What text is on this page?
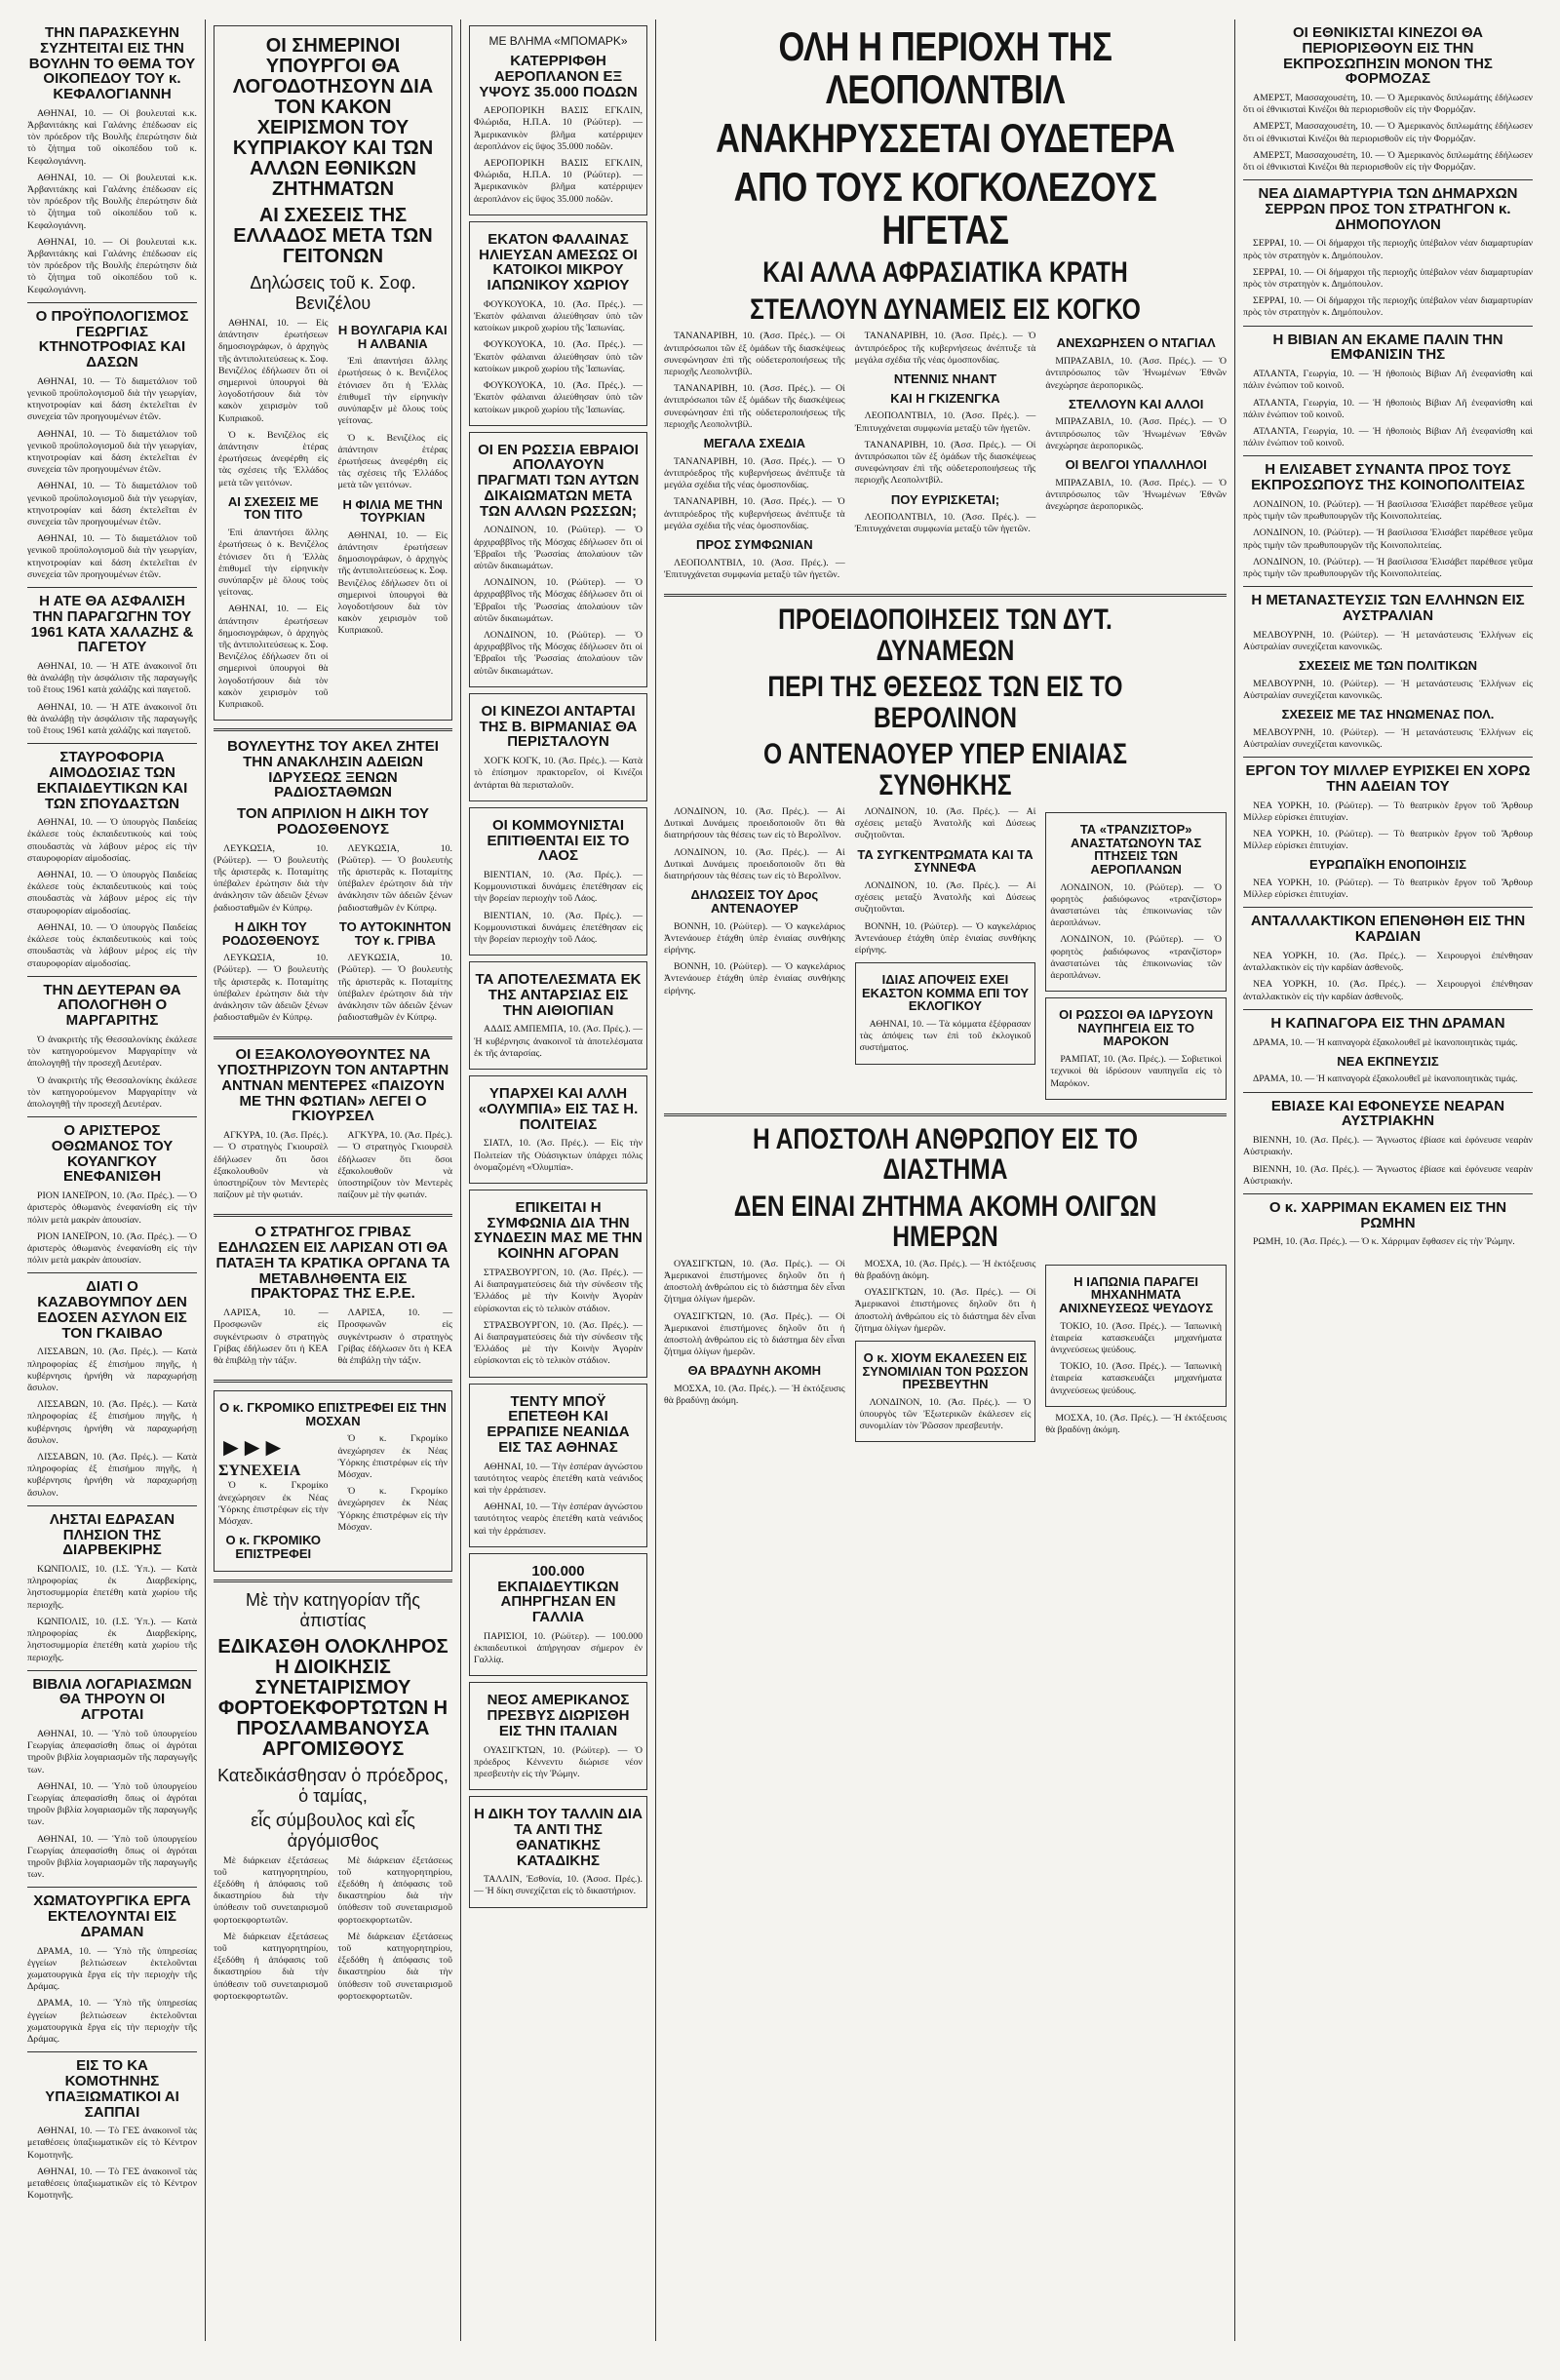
ΤΗΝ ΠΑΡΑΣΚΕΥΗΝ ΣΥΖΗΤΕΙΤΑΙ ΕΙΣ ΤΗΝ ΒΟΥΛΗΝ ΤΟ ΘΕΜΑ ΤΟΥ ΟΙΚΟΠΕΔΟΥ ΤΟΥ κ. ΚΕΦΑΛΟΓΙΑΝΝΗ

ΑΘΗΝΑΙ, 10. — Οἱ βουλευταὶ κ.κ. Ἀρβανιτάκης καὶ Γαλάνης ἐπέδωσαν εἰς τὸν πρόεδρον τῆς Βουλῆς ἐπερώτησιν διὰ τὸ ζήτημα τοῦ οἰκοπέδου τοῦ κ. Κεφαλογιάννη.

ΑΘΗΝΑΙ, 10. — Οἱ βουλευταὶ κ.κ. Ἀρβανιτάκης καὶ Γαλάνης ἐπέδωσαν εἰς τὸν πρόεδρον τῆς Βουλῆς ἐπερώτησιν διὰ τὸ ζήτημα τοῦ οἰκοπέδου τοῦ κ. Κεφαλογιάννη.

ΑΘΗΝΑΙ, 10. — Οἱ βουλευταὶ κ.κ. Ἀρβανιτάκης καὶ Γαλάνης ἐπέδωσαν εἰς τὸν πρόεδρον τῆς Βουλῆς ἐπερώτησιν διὰ τὸ ζήτημα τοῦ οἰκοπέδου τοῦ κ. Κεφαλογιάννη.

Ο ΠΡΟΫΠΟΛΟΓΙΣΜΟΣ ΓΕΩΡΓΙΑΣ ΚΤΗΝΟΤΡΟΦΙΑΣ ΚΑΙ ΔΑΣΩΝ

ΑΘΗΝΑΙ, 10. — Τὸ διαμετάλιον τοῦ γενικοῦ προϋπολογισμοῦ διὰ τὴν γεωργίαν, κτηνοτροφίαν καὶ δάση ἐκτελεῖται ἐν συνεχεία τῶν προηγουμένων ἐτῶν.

ΑΘΗΝΑΙ, 10. — Τὸ διαμετάλιον τοῦ γενικοῦ προϋπολογισμοῦ διὰ τὴν γεωργίαν, κτηνοτροφίαν καὶ δάση ἐκτελεῖται ἐν συνεχεία τῶν προηγουμένων ἐτῶν.

ΑΘΗΝΑΙ, 10. — Τὸ διαμετάλιον τοῦ γενικοῦ προϋπολογισμοῦ διὰ τὴν γεωργίαν, κτηνοτροφίαν καὶ δάση ἐκτελεῖται ἐν συνεχεία τῶν προηγουμένων ἐτῶν.

ΑΘΗΝΑΙ, 10. — Τὸ διαμετάλιον τοῦ γενικοῦ προϋπολογισμοῦ διὰ τὴν γεωργίαν, κτηνοτροφίαν καὶ δάση ἐκτελεῖται ἐν συνεχεία τῶν προηγουμένων ἐτῶν.

Η ΑΤΕ ΘΑ ΑΣΦΑΛΙΣΗ ΤΗΝ ΠΑΡΑΓΩΓΗΝ ΤΟΥ 1961 ΚΑΤΑ ΧΑΛΑΖΗΣ & ΠΑΓΕΤΟΥ

ΑΘΗΝΑΙ, 10. — Ἡ ΑΤΕ ἀνακοινοῖ ὅτι θὰ ἀναλάβῃ τὴν ἀσφάλισιν τῆς παραγωγῆς τοῦ ἔτους 1961 κατὰ χαλάζης καὶ παγετοῦ.

ΑΘΗΝΑΙ, 10. — Ἡ ΑΤΕ ἀνακοινοῖ ὅτι θὰ ἀναλάβῃ τὴν ἀσφάλισιν τῆς παραγωγῆς τοῦ ἔτους 1961 κατὰ χαλάζης καὶ παγετοῦ.

ΣΤΑΥΡΟΦΟΡΙΑ ΑΙΜΟΔΟΣΙΑΣ ΤΩΝ ΕΚΠΑΙΔΕΥΤΙΚΩΝ ΚΑΙ ΤΩΝ ΣΠΟΥΔΑΣΤΩΝ

ΑΘΗΝΑΙ, 10. — Ὁ ὑπουργὸς Παιδείας ἐκάλεσε τοὺς ἐκπαιδευτικοὺς καὶ τοὺς σπουδαστὰς νὰ λάβουν μέρος εἰς τὴν σταυροφορίαν αἱμοδοσίας.

ΑΘΗΝΑΙ, 10. — Ὁ ὑπουργὸς Παιδείας ἐκάλεσε τοὺς ἐκπαιδευτικοὺς καὶ τοὺς σπουδαστὰς νὰ λάβουν μέρος εἰς τὴν σταυροφορίαν αἱμοδοσίας.

ΑΘΗΝΑΙ, 10. — Ὁ ὑπουργὸς Παιδείας ἐκάλεσε τοὺς ἐκπαιδευτικοὺς καὶ τοὺς σπουδαστὰς νὰ λάβουν μέρος εἰς τὴν σταυροφορίαν αἱμοδοσίας.

ΤΗΝ ΔΕΥΤΕΡΑΝ ΘΑ ΑΠΟΛΟΓΗΘΗ Ο ΜΑΡΓΑΡΙΤΗΣ

Ὁ ἀνακριτὴς τῆς Θεσσαλονίκης ἐκάλεσε τὸν κατηγορούμενον Μαργαρίτην νὰ ἀπολογηθῇ τὴν προσεχῆ Δευτέραν.

Ὁ ἀνακριτὴς τῆς Θεσσαλονίκης ἐκάλεσε τὸν κατηγορούμενον Μαργαρίτην νὰ ἀπολογηθῇ τὴν προσεχῆ Δευτέραν.

Ο ΑΡΙΣΤΕΡΟΣ ΟΘΩΜΑΝΟΣ ΤΟΥ ΚΟΥΑΝΓΚΟΥ ΕΝΕΦΑΝΙΣΘΗ

ΡΙΟΝ ΙΑΝΕΪΡΟΝ, 10. (Ἀσ. Πρές.). — Ὁ ἀριστερὸς ὀθωμανὸς ἐνεφανίσθη εἰς τὴν πόλιν μετὰ μακρὰν ἀπουσίαν.

ΡΙΟΝ ΙΑΝΕΪΡΟΝ, 10. (Ἀσ. Πρές.). — Ὁ ἀριστερὸς ὀθωμανὸς ἐνεφανίσθη εἰς τὴν πόλιν μετὰ μακρὰν ἀπουσίαν.

ΔΙΑΤΙ Ο ΚΑΖΑΒΟΥΜΠΟΥ ΔΕΝ ΕΔΟΣΕΝ ΑΣΥΛΟΝ ΕΙΣ ΤΟΝ ΓΚΑΙΒΑΟ

ΛΙΣΣΑΒΩΝ, 10. (Ἀσ. Πρές.). — Κατὰ πληροφορίας ἐξ ἐπισήμου πηγῆς, ἡ κυβέρνησις ἠρνήθη νὰ παραχωρήσῃ ἄσυλον.

ΛΙΣΣΑΒΩΝ, 10. (Ἀσ. Πρές.). — Κατὰ πληροφορίας ἐξ ἐπισήμου πηγῆς, ἡ κυβέρνησις ἠρνήθη νὰ παραχωρήσῃ ἄσυλον.

ΛΙΣΣΑΒΩΝ, 10. (Ἀσ. Πρές.). — Κατὰ πληροφορίας ἐξ ἐπισήμου πηγῆς, ἡ κυβέρνησις ἠρνήθη νὰ παραχωρήσῃ ἄσυλον.

ΛΗΣΤΑΙ ΕΔΡΑΣΑΝ ΠΛΗΣΙΟΝ ΤΗΣ ΔΙΑΡΒΕΚΙΡΗΣ

ΚΩΝΠΟΛΙΣ, 10. (Ι.Σ. Ὑπ.). — Κατὰ πληροφορίας ἐκ Διαρβεκίρης, ληστοσυμμορία ἐπετέθη κατὰ χωρίου τῆς περιοχῆς.

ΚΩΝΠΟΛΙΣ, 10. (Ι.Σ. Ὑπ.). — Κατὰ πληροφορίας ἐκ Διαρβεκίρης, ληστοσυμμορία ἐπετέθη κατὰ χωρίου τῆς περιοχῆς.

ΒΙΒΛΙΑ ΛΟΓΑΡΙΑΣΜΩΝ ΘΑ ΤΗΡΟΥΝ ΟΙ ΑΓΡΟΤΑΙ

ΑΘΗΝΑΙ, 10. — Ὑπὸ τοῦ ὑπουργείου Γεωργίας ἀπεφασίσθη ὅπως οἱ ἀγρόται τηροῦν βιβλία λογαριασμῶν τῆς παραγωγῆς των.

ΑΘΗΝΑΙ, 10. — Ὑπὸ τοῦ ὑπουργείου Γεωργίας ἀπεφασίσθη ὅπως οἱ ἀγρόται τηροῦν βιβλία λογαριασμῶν τῆς παραγωγῆς των.

ΑΘΗΝΑΙ, 10. — Ὑπὸ τοῦ ὑπουργείου Γεωργίας ἀπεφασίσθη ὅπως οἱ ἀγρόται τηροῦν βιβλία λογαριασμῶν τῆς παραγωγῆς των.

ΧΩΜΑΤΟΥΡΓΙΚΑ ΕΡΓΑ ΕΚΤΕΛΟΥΝΤΑΙ ΕΙΣ ΔΡΑΜΑΝ

ΔΡΑΜΑ, 10. — Ὑπὸ τῆς ὑπηρεσίας ἐγγείων βελτιώσεων ἐκτελοῦνται χωματουργικὰ ἔργα εἰς τὴν περιοχὴν τῆς Δράμας.

ΔΡΑΜΑ, 10. — Ὑπὸ τῆς ὑπηρεσίας ἐγγείων βελτιώσεων ἐκτελοῦνται χωματουργικὰ ἔργα εἰς τὴν περιοχὴν τῆς Δράμας.

ΕΙΣ ΤΟ ΚΑ ΚΟΜΟΤΗΝΗΣ ΥΠΑΞΙΩΜΑΤΙΚΟΙ ΑΙ ΣΑΠΠΑΙ

ΑΘΗΝΑΙ, 10. — Τὸ ΓΕΣ ἀνακοινοῖ τὰς μεταθέσεις ὑπαξιωματικῶν εἰς τὸ Κέντρον Κομοτηνῆς.

ΑΘΗΝΑΙ, 10. — Τὸ ΓΕΣ ἀνακοινοῖ τὰς μεταθέσεις ὑπαξιωματικῶν εἰς τὸ Κέντρον Κομοτηνῆς.

ΟΙ ΣΗΜΕΡΙΝΟΙ ΥΠΟΥΡΓΟΙ ΘΑ ΛΟΓΟΔΟΤΗΣΟΥΝ ΔΙΑ ΤΟΝ ΚΑΚΟΝ ΧΕΙΡΙΣΜΟΝ ΤΟΥ ΚΥΠΡΙΑΚΟΥ ΚΑΙ ΤΩΝ ΑΛΛΩΝ ΕΘΝΙΚΩΝ ΖΗΤΗΜΑΤΩΝ
ΑΙ ΣΧΕΣΕΙΣ ΤΗΣ ΕΛΛΑΔΟΣ ΜΕΤΑ ΤΩΝ ΓΕΙΤΟΝΩΝ
Δηλώσεις τοῦ κ. Σοφ. Βενιζέλου

ΑΘΗΝΑΙ, 10. — Εἰς ἀπάντησιν ἐρωτήσεων δημοσιογράφων, ὁ ἀρχηγὸς τῆς ἀντιπολιτεύσεως κ. Σοφ. Βενιζέλος ἐδήλωσεν ὅτι οἱ σημερινοὶ ὑπουργοὶ θὰ λογοδοτήσουν διὰ τὸν κακὸν χειρισμὸν τοῦ Κυπριακοῦ.

Ὁ κ. Βενιζέλος εἰς ἀπάντησιν ἑτέρας ἐρωτήσεως ἀνεφέρθη εἰς τὰς σχέσεις τῆς Ἑλλάδος μετὰ τῶν γειτόνων.

ΑΙ ΣΧΕΣΕΙΣ ΜΕ ΤΟΝ ΤΙΤΟ

Ἐπὶ ἀπαντήσει ἄλλης ἐρωτήσεως ὁ κ. Βενιζέλος ἐτόνισεν ὅτι ἡ Ἑλλὰς ἐπιθυμεῖ τὴν εἰρηνικὴν συνύπαρξιν μὲ ὅλους τοὺς γείτονας.

ΑΘΗΝΑΙ, 10. — Εἰς ἀπάντησιν ἐρωτήσεων δημοσιογράφων, ὁ ἀρχηγὸς τῆς ἀντιπολιτεύσεως κ. Σοφ. Βενιζέλος ἐδήλωσεν ὅτι οἱ σημερινοὶ ὑπουργοὶ θὰ λογοδοτήσουν διὰ τὸν κακὸν χειρισμὸν τοῦ Κυπριακοῦ.

Η ΒΟΥΛΓΑΡΙΑ ΚΑΙ Η ΑΛΒΑΝΙΑ

Ἐπὶ ἀπαντήσει ἄλλης ἐρωτήσεως ὁ κ. Βενιζέλος ἐτόνισεν ὅτι ἡ Ἑλλὰς ἐπιθυμεῖ τὴν εἰρηνικὴν συνύπαρξιν μὲ ὅλους τοὺς γείτονας.

Ὁ κ. Βενιζέλος εἰς ἀπάντησιν ἑτέρας ἐρωτήσεως ἀνεφέρθη εἰς τὰς σχέσεις τῆς Ἑλλάδος μετὰ τῶν γειτόνων.

Η ΦΙΛΙΑ ΜΕ ΤΗΝ ΤΟΥΡΚΙΑΝ

ΑΘΗΝΑΙ, 10. — Εἰς ἀπάντησιν ἐρωτήσεων δημοσιογράφων, ὁ ἀρχηγὸς τῆς ἀντιπολιτεύσεως κ. Σοφ. Βενιζέλος ἐδήλωσεν ὅτι οἱ σημερινοὶ ὑπουργοὶ θὰ λογοδοτήσουν διὰ τὸν κακὸν χειρισμὸν τοῦ Κυπριακοῦ.

ΒΟΥΛΕΥΤΗΣ ΤΟΥ ΑΚΕΛ ΖΗΤΕΙ ΤΗΝ ΑΝΑΚΛΗΣΙΝ ΑΔΕΙΩΝ ΙΔΡΥΣΕΩΣ ΞΕΝΩΝ ΡΑΔΙΟΣΤΑΘΜΩΝ
ΤΟΝ ΑΠΡΙΛΙΟΝ Η ΔΙΚΗ ΤΟΥ ΡΟΔΟΣΘΕΝΟΥΣ

ΛΕΥΚΩΣΙΑ, 10. (Ρώϋτερ). — Ὁ βουλευτὴς τῆς ἀριστερᾶς κ. Ποταμίτης ὑπέβαλεν ἐρώτησιν διὰ τὴν ἀνάκλησιν τῶν ἀδειῶν ξένων ῥαδιοσταθμῶν ἐν Κύπρῳ.

Η ΔΙΚΗ ΤΟΥ ΡΟΔΟΣΘΕΝΟΥΣ

ΛΕΥΚΩΣΙΑ, 10. (Ρώϋτερ). — Ὁ βουλευτὴς τῆς ἀριστερᾶς κ. Ποταμίτης ὑπέβαλεν ἐρώτησιν διὰ τὴν ἀνάκλησιν τῶν ἀδειῶν ξένων ῥαδιοσταθμῶν ἐν Κύπρῳ.

ΛΕΥΚΩΣΙΑ, 10. (Ρώϋτερ). — Ὁ βουλευτὴς τῆς ἀριστερᾶς κ. Ποταμίτης ὑπέβαλεν ἐρώτησιν διὰ τὴν ἀνάκλησιν τῶν ἀδειῶν ξένων ῥαδιοσταθμῶν ἐν Κύπρῳ.

ΤΟ ΑΥΤΟΚΙΝΗΤΟΝ ΤΟΥ κ. ΓΡΙΒΑ

ΛΕΥΚΩΣΙΑ, 10. (Ρώϋτερ). — Ὁ βουλευτὴς τῆς ἀριστερᾶς κ. Ποταμίτης ὑπέβαλεν ἐρώτησιν διὰ τὴν ἀνάκλησιν τῶν ἀδειῶν ξένων ῥαδιοσταθμῶν ἐν Κύπρῳ.

ΟΙ ΕΞΑΚΟΛΟΥΘΟΥΝΤΕΣ ΝΑ ΥΠΟΣΤΗΡΙΖΟΥΝ ΤΟΝ ΑΝΤΑΡΤΗΝ ΑΝΤΝΑΝ ΜΕΝΤΕΡΕΣ «ΠΑΙΖΟΥΝ ΜΕ ΤΗΝ ΦΩΤΙΑΝ» ΛΕΓΕΙ Ο ΓΚΙΟΥΡΣΕΛ

ΑΓΚΥΡΑ, 10. (Ἀσ. Πρές.). — Ὁ στρατηγὸς Γκιουρσὲλ ἐδήλωσεν ὅτι ὅσοι ἐξακολουθοῦν νὰ ὑποστηρίζουν τὸν Μεντερὲς παίζουν μὲ τὴν φωτιάν.

ΑΓΚΥΡΑ, 10. (Ἀσ. Πρές.). — Ὁ στρατηγὸς Γκιουρσὲλ ἐδήλωσεν ὅτι ὅσοι ἐξακολουθοῦν νὰ ὑποστηρίζουν τὸν Μεντερὲς παίζουν μὲ τὴν φωτιάν.

Ο ΣΤΡΑΤΗΓΟΣ ΓΡΙΒΑΣ ΕΔΗΛΩΣΕΝ ΕΙΣ ΛΑΡΙΣΑΝ ΟΤΙ ΘΑ ΠΑΤΑΞΗ ΤΑ ΚΡΑΤΙΚΑ ΟΡΓΑΝΑ ΤΑ ΜΕΤΑΒΛΗΘΕΝΤΑ ΕΙΣ ΠΡΑΚΤΟΡΑΣ ΤΗΣ Ε.Ρ.Ε.

ΛΑΡΙΣΑ, 10. — Προσφωνῶν εἰς συγκέντρωσιν ὁ στρατηγὸς Γρίβας ἐδήλωσεν ὅτι ἡ ΚΕΑ θὰ ἐπιβάλῃ τὴν τάξιν.

ΛΑΡΙΣΑ, 10. — Προσφωνῶν εἰς συγκέντρωσιν ὁ στρατηγὸς Γρίβας ἐδήλωσεν ὅτι ἡ ΚΕΑ θὰ ἐπιβάλῃ τὴν τάξιν.

Ο κ. ΓΚΡΟΜΙΚΟ ΕΠΙΣΤΡΕΦΕΙ ΕΙΣ ΤΗΝ ΜΟΣΧΑΝ
►►► ΣΥΝΕΧΕΙΑ

Ὁ κ. Γκρομίκο ἀνεχώρησεν ἐκ Νέας Ὑόρκης ἐπιστρέφων εἰς τὴν Μόσχαν.

Ο κ. ΓΚΡΟΜΙΚΟ ΕΠΙΣΤΡΕΦΕΙ

Ὁ κ. Γκρομίκο ἀνεχώρησεν ἐκ Νέας Ὑόρκης ἐπιστρέφων εἰς τὴν Μόσχαν.

Ὁ κ. Γκρομίκο ἀνεχώρησεν ἐκ Νέας Ὑόρκης ἐπιστρέφων εἰς τὴν Μόσχαν.

Μὲ τὴν κατηγορίαν τῆς ἀπιστίας
ΕΔΙΚΑΣΘΗ ΟΛΟΚΛΗΡΟΣ Η ΔΙΟΙΚΗΣΙΣ ΣΥΝΕΤΑΙΡΙΣΜΟΥ ΦΟΡΤΟΕΚΦΟΡΤΩΤΩΝ Η ΠΡΟΣΛΑΜΒΑΝΟΥΣΑ ΑΡΓΟΜΙΣΘΟΥΣ
Κατεδικάσθησαν ὁ πρόεδρος, ὁ ταμίας,
εἷς σύμβουλος καὶ εἷς ἀργόμισθος

Μὲ διάρκειαν ἐξετάσεως τοῦ κατηγορητηρίου, ἐξεδόθη ἡ ἀπόφασις τοῦ δικαστηρίου διὰ τὴν ὑπόθεσιν τοῦ συνεταιρισμοῦ φορτοεκφορτωτῶν.

Μὲ διάρκειαν ἐξετάσεως τοῦ κατηγορητηρίου, ἐξεδόθη ἡ ἀπόφασις τοῦ δικαστηρίου διὰ τὴν ὑπόθεσιν τοῦ συνεταιρισμοῦ φορτοεκφορτωτῶν.

Μὲ διάρκειαν ἐξετάσεως τοῦ κατηγορητηρίου, ἐξεδόθη ἡ ἀπόφασις τοῦ δικαστηρίου διὰ τὴν ὑπόθεσιν τοῦ συνεταιρισμοῦ φορτοεκφορτωτῶν.

Μὲ διάρκειαν ἐξετάσεως τοῦ κατηγορητηρίου, ἐξεδόθη ἡ ἀπόφασις τοῦ δικαστηρίου διὰ τὴν ὑπόθεσιν τοῦ συνεταιρισμοῦ φορτοεκφορτωτῶν.

ΜΕ ΒΛΗΜΑ «ΜΠΟΜΑΡΚ»
ΚΑΤΕΡΡΙΦΘΗ ΑΕΡΟΠΛΑΝΟΝ ΕΞ ΥΨΟΥΣ 35.000 ΠΟΔΩΝ

ΑΕΡΟΠΟΡΙΚΗ ΒΑΣΙΣ ΕΓΚΛΙΝ, Φλώριδα, Η.Π.Α. 10 (Ρώϋτερ). — Ἀμερικανικὸν βλῆμα κατέρριψεν ἀεροπλάνον εἰς ὕψος 35.000 ποδῶν.

ΑΕΡΟΠΟΡΙΚΗ ΒΑΣΙΣ ΕΓΚΛΙΝ, Φλώριδα, Η.Π.Α. 10 (Ρώϋτερ). — Ἀμερικανικὸν βλῆμα κατέρριψεν ἀεροπλάνον εἰς ὕψος 35.000 ποδῶν.

ΕΚΑΤΟΝ ΦΑΛΑΙΝΑΣ ΗΛΙΕΥΣΑΝ ΑΜΕΣΩΣ ΟΙ ΚΑΤΟΙΚΟΙ ΜΙΚΡΟΥ ΙΑΠΩΝΙΚΟΥ ΧΩΡΙΟΥ

ΦΟΥΚΟΥΟΚΑ, 10. (Ἀσ. Πρές.). — Ἑκατὸν φάλαιναι ἀλιεύθησαν ὑπὸ τῶν κατοίκων μικροῦ χωρίου τῆς Ἰαπωνίας.

ΦΟΥΚΟΥΟΚΑ, 10. (Ἀσ. Πρές.). — Ἑκατὸν φάλαιναι ἀλιεύθησαν ὑπὸ τῶν κατοίκων μικροῦ χωρίου τῆς Ἰαπωνίας.

ΦΟΥΚΟΥΟΚΑ, 10. (Ἀσ. Πρές.). — Ἑκατὸν φάλαιναι ἀλιεύθησαν ὑπὸ τῶν κατοίκων μικροῦ χωρίου τῆς Ἰαπωνίας.

ΟΙ ΕΝ ΡΩΣΣΙΑ ΕΒΡΑΙΟΙ ΑΠΟΛΑΥΟΥΝ ΠΡΑΓΜΑΤΙ ΤΩΝ ΑΥΤΩΝ ΔΙΚΑΙΩΜΑΤΩΝ ΜΕΤΑ ΤΩΝ ΑΛΛΩΝ ΡΩΣΣΩΝ;

ΛΟΝΔΙΝΟΝ, 10. (Ρώϋτερ). — Ὁ ἀρχιραββῖνος τῆς Μόσχας ἐδήλωσεν ὅτι οἱ Ἑβραῖοι τῆς Ῥωσσίας ἀπολαύουν τῶν αὐτῶν δικαιωμάτων.

ΛΟΝΔΙΝΟΝ, 10. (Ρώϋτερ). — Ὁ ἀρχιραββῖνος τῆς Μόσχας ἐδήλωσεν ὅτι οἱ Ἑβραῖοι τῆς Ῥωσσίας ἀπολαύουν τῶν αὐτῶν δικαιωμάτων.

ΛΟΝΔΙΝΟΝ, 10. (Ρώϋτερ). — Ὁ ἀρχιραββῖνος τῆς Μόσχας ἐδήλωσεν ὅτι οἱ Ἑβραῖοι τῆς Ῥωσσίας ἀπολαύουν τῶν αὐτῶν δικαιωμάτων.

ΟΙ ΚΙΝΕΖΟΙ ΑΝΤΑΡΤΑΙ ΤΗΣ Β. ΒΙΡΜΑΝΙΑΣ ΘΑ ΠΕΡΙΣΤΑΛΟΥΝ

ΧΟΓΚ ΚΟΓΚ, 10. (Ἀσ. Πρές.). — Κατὰ τὸ ἐπίσημον πρακτορεῖον, οἱ Κινέζοι ἀντάρται θὰ περισταλοῦν.

ΟΙ ΚΟΜΜΟΥΝΙΣΤΑΙ ΕΠΙΤΙΘΕΝΤΑΙ ΕΙΣ ΤΟ ΛΑΟΣ

ΒΙΕΝΤΙΑΝ, 10. (Ἀσ. Πρές.). — Κομμουνιστικαὶ δυνάμεις ἐπετέθησαν εἰς τὴν βορείαν περιοχὴν τοῦ Λάος.

ΒΙΕΝΤΙΑΝ, 10. (Ἀσ. Πρές.). — Κομμουνιστικαὶ δυνάμεις ἐπετέθησαν εἰς τὴν βορείαν περιοχὴν τοῦ Λάος.

ΤΑ ΑΠΟΤΕΛΕΣΜΑΤΑ ΕΚ ΤΗΣ ΑΝΤΑΡΣΙΑΣ ΕΙΣ ΤΗΝ ΑΙΘΙΟΠΙΑΝ

ΑΔΔΙΣ ΑΜΠΕΜΠΑ, 10. (Ἀσ. Πρές.). — Ἡ κυβέρνησις ἀνακοινοῖ τὰ ἀποτελέσματα ἐκ τῆς ἀνταρσίας.

ΥΠΑΡΧΕΙ ΚΑΙ ΑΛΛΗ «ΟΛΥΜΠΙΑ» ΕΙΣ ΤΑΣ Η. ΠΟΛΙΤΕΙΑΣ

ΣΙΑΤΛ, 10. (Ἀσ. Πρές.). — Εἰς τὴν Πολιτείαν τῆς Οὐάσιγκτων ὑπάρχει πόλις ὀνομαζομένη «Ὀλυμπία».

ΕΠΙΚΕΙΤΑΙ Η ΣΥΜΦΩΝΙΑ ΔΙΑ ΤΗΝ ΣΥΝΔΕΣΙΝ ΜΑΣ ΜΕ ΤΗΝ ΚΟΙΝΗΝ ΑΓΟΡΑΝ

ΣΤΡΑΣΒΟΥΡΓΟΝ, 10. (Ἀσ. Πρές.). — Αἱ διαπραγματεύσεις διὰ τὴν σύνδεσιν τῆς Ἑλλάδος μὲ τὴν Κοινὴν Ἀγορὰν εὑρίσκονται εἰς τὸ τελικὸν στάδιον.

ΣΤΡΑΣΒΟΥΡΓΟΝ, 10. (Ἀσ. Πρές.). — Αἱ διαπραγματεύσεις διὰ τὴν σύνδεσιν τῆς Ἑλλάδος μὲ τὴν Κοινὴν Ἀγορὰν εὑρίσκονται εἰς τὸ τελικὸν στάδιον.

ΤΕΝΤΥ ΜΠΟΫ ΕΠΕΤΕΘΗ ΚΑΙ ΕΡΡΑΠΙΣΕ ΝΕΑΝΙΔΑ ΕΙΣ ΤΑΣ ΑΘΗΝΑΣ

ΑΘΗΝΑΙ, 10. — Τὴν ἑσπέραν ἀγνώστου ταυτότητος νεαρὸς ἐπετέθη κατὰ νεάνιδος καὶ τὴν ἐρράπισεν.

ΑΘΗΝΑΙ, 10. — Τὴν ἑσπέραν ἀγνώστου ταυτότητος νεαρὸς ἐπετέθη κατὰ νεάνιδος καὶ τὴν ἐρράπισεν.

100.000 ΕΚΠΑΙΔΕΥΤΙΚΩΝ ΑΠΗΡΓΗΣΑΝ ΕΝ ΓΑΛΛΙΑ

ΠΑΡΙΣΙΟΙ, 10. (Ρώϋτερ). — 100.000 ἐκπαιδευτικοὶ ἀπήργησαν σήμερον ἐν Γαλλίᾳ.

ΝΕΟΣ ΑΜΕΡΙΚΑΝΟΣ ΠΡΕΣΒΥΣ ΔΙΩΡΙΣΘΗ ΕΙΣ ΤΗΝ ΙΤΑΛΙΑΝ

ΟΥΑΣΙΓΚΤΩΝ, 10. (Ρώϋτερ). — Ὁ πρόεδρος Κέννεντυ διώρισε νέον πρεσβευτὴν εἰς τὴν Ῥώμην.

Η ΔΙΚΗ ΤΟΥ ΤΑΛΛΙΝ ΔΙΑ ΤΑ ΑΝΤΙ ΤΗΣ ΘΑΝΑΤΙΚΗΣ ΚΑΤΑΔΙΚΗΣ

ΤΑΛΛΙΝ, Ἐσθονία, 10. (Ἀσοσ. Πρές.). — Ἡ δίκη συνεχίζεται εἰς τὸ δικαστήριον.

ΟΛΗ Η ΠΕΡΙΟΧΗ ΤΗΣ ΛΕΟΠΟΛΝΤΒΙΛ
ΑΝΑΚΗΡΥΣΣΕΤΑΙ ΟΥΔΕΤΕΡΑ
ΑΠΟ ΤΟΥΣ ΚΟΓΚΟΛΕΖΟΥΣ ΗΓΕΤΑΣ
ΚΑΙ ΑΛΛΑ ΑΦΡΑΣΙΑΤΙΚΑ ΚΡΑΤΗ
ΣΤΕΛΛΟΥΝ ΔΥΝΑΜΕΙΣ ΕΙΣ ΚΟΓΚΟ

ΤΑΝΑΝΑΡΙΒΗ, 10. (Ἀσσ. Πρές.). — Οἱ ἀντιπρόσωποι τῶν ἐξ ὁμάδων τῆς διασκέψεως συνεφώνησαν ἐπὶ τῆς οὐδετεροποιήσεως τῆς περιοχῆς Λεοπολντβίλ.

ΤΑΝΑΝΑΡΙΒΗ, 10. (Ἀσσ. Πρές.). — Οἱ ἀντιπρόσωποι τῶν ἐξ ὁμάδων τῆς διασκέψεως συνεφώνησαν ἐπὶ τῆς οὐδετεροποιήσεως τῆς περιοχῆς Λεοπολντβίλ.

ΜΕΓΑΛΑ ΣΧΕΔΙΑ

ΤΑΝΑΝΑΡΙΒΗ, 10. (Ἀσσ. Πρές.). — Ὁ ἀντιπρόεδρος τῆς κυβερνήσεως ἀνέπτυξε τὰ μεγάλα σχέδια τῆς νέας ὁμοσπονδίας.

ΤΑΝΑΝΑΡΙΒΗ, 10. (Ἀσσ. Πρές.). — Ὁ ἀντιπρόεδρος τῆς κυβερνήσεως ἀνέπτυξε τὰ μεγάλα σχέδια τῆς νέας ὁμοσπονδίας.

ΠΡΟΣ ΣΥΜΦΩΝΙΑΝ

ΛΕΟΠΟΛΝΤΒΙΛ, 10. (Ἀσσ. Πρές.). — Ἐπιτυγχάνεται συμφωνία μεταξὺ τῶν ἡγετῶν.

ΤΑΝΑΝΑΡΙΒΗ, 10. (Ἀσσ. Πρές.). — Ὁ ἀντιπρόεδρος τῆς κυβερνήσεως ἀνέπτυξε τὰ μεγάλα σχέδια τῆς νέας ὁμοσπονδίας.

ΝΤΕΝΝΙΣ ΝΗΑΝΤ
ΚΑΙ Η ΓΚΙΖΕΝΓΚΑ

ΛΕΟΠΟΛΝΤΒΙΛ, 10. (Ἀσσ. Πρές.). — Ἐπιτυγχάνεται συμφωνία μεταξὺ τῶν ἡγετῶν.

ΤΑΝΑΝΑΡΙΒΗ, 10. (Ἀσσ. Πρές.). — Οἱ ἀντιπρόσωποι τῶν ἐξ ὁμάδων τῆς διασκέψεως συνεφώνησαν ἐπὶ τῆς οὐδετεροποιήσεως τῆς περιοχῆς Λεοπολντβίλ.

ΠΟΥ ΕΥΡΙΣΚΕΤΑΙ;

ΛΕΟΠΟΛΝΤΒΙΛ, 10. (Ἀσσ. Πρές.). — Ἐπιτυγχάνεται συμφωνία μεταξὺ τῶν ἡγετῶν.

ΑΝΕΧΩΡΗΣΕΝ Ο ΝΤΑΓΙΑΛ

ΜΠΡΑΖΑΒΙΛ, 10. (Ἀσσ. Πρές.). — Ὁ ἀντιπρόσωπος τῶν Ἡνωμένων Ἐθνῶν ἀνεχώρησε ἀεροπορικῶς.

ΣΤΕΛΛΟΥΝ ΚΑΙ ΑΛΛΟΙ

ΜΠΡΑΖΑΒΙΛ, 10. (Ἀσσ. Πρές.). — Ὁ ἀντιπρόσωπος τῶν Ἡνωμένων Ἐθνῶν ἀνεχώρησε ἀεροπορικῶς.

ΟΙ ΒΕΛΓΟΙ ΥΠΑΛΛΗΛΟΙ

ΜΠΡΑΖΑΒΙΛ, 10. (Ἀσσ. Πρές.). — Ὁ ἀντιπρόσωπος τῶν Ἡνωμένων Ἐθνῶν ἀνεχώρησε ἀεροπορικῶς.

ΠΡΟΕΙΔΟΠΟΙΗΣΕΙΣ ΤΩΝ ΔΥΤ. ΔΥΝΑΜΕΩΝ
ΠΕΡΙ ΤΗΣ ΘΕΣΕΩΣ ΤΩΝ ΕΙΣ ΤΟ ΒΕΡΟΛΙΝΟΝ
Ο ΑΝΤΕΝΑΟΥΕΡ ΥΠΕΡ ΕΝΙΑΙΑΣ ΣΥΝΘΗΚΗΣ

ΛΟΝΔΙΝΟΝ, 10. (Ἀσ. Πρές.). — Αἱ Δυτικαὶ Δυνάμεις προειδοποιοῦν ὅτι θὰ διατηρήσουν τὰς θέσεις των εἰς τὸ Βερολῖνον.

ΛΟΝΔΙΝΟΝ, 10. (Ἀσ. Πρές.). — Αἱ Δυτικαὶ Δυνάμεις προειδοποιοῦν ὅτι θὰ διατηρήσουν τὰς θέσεις των εἰς τὸ Βερολῖνον.

ΔΗΛΩΣΕΙΣ ΤΟΥ Δρος ΑΝΤΕΝΑΟΥΕΡ

ΒΟΝΝΗ, 10. (Ρώϋτερ). — Ὁ καγκελάριος Ἀντενάουερ ἐτάχθη ὑπὲρ ἑνιαίας συνθήκης εἰρήνης.

ΒΟΝΝΗ, 10. (Ρώϋτερ). — Ὁ καγκελάριος Ἀντενάουερ ἐτάχθη ὑπὲρ ἑνιαίας συνθήκης εἰρήνης.

ΛΟΝΔΙΝΟΝ, 10. (Ἀσ. Πρές.). — Αἱ σχέσεις μεταξὺ Ἀνατολῆς καὶ Δύσεως συζητοῦνται.

ΤΑ ΣΥΓΚΕΝΤΡΩΜΑΤΑ ΚΑΙ ΤΑ ΣΥΝΝΕΦΑ

ΛΟΝΔΙΝΟΝ, 10. (Ἀσ. Πρές.). — Αἱ σχέσεις μεταξὺ Ἀνατολῆς καὶ Δύσεως συζητοῦνται.

ΒΟΝΝΗ, 10. (Ρώϋτερ). — Ὁ καγκελάριος Ἀντενάουερ ἐτάχθη ὑπὲρ ἑνιαίας συνθήκης εἰρήνης.

ΙΔΙΑΣ ΑΠΟΨΕΙΣ ΕΧΕΙ ΕΚΑΣΤΟΝ ΚΟΜΜΑ ΕΠΙ ΤΟΥ ΕΚΛΟΓΙΚΟΥ

ΑΘΗΝΑΙ, 10. — Τὰ κόμματα ἐξέφρασαν τὰς ἀπόψεις των ἐπὶ τοῦ ἐκλογικοῦ συστήματος.

ΤΑ «ΤΡΑΝΖΙΣΤΟΡ» ΑΝΑΣΤΑΤΩΝΟΥΝ ΤΑΣ ΠΤΗΣΕΙΣ ΤΩΝ ΑΕΡΟΠΛΑΝΩΝ

ΛΟΝΔΙΝΟΝ, 10. (Ρώϋτερ). — Ὁ φορητὸς ῥαδιόφωνος «τρανζίστορ» ἀναστατώνει τὰς ἐπικοινωνίας τῶν ἀεροπλάνων.

ΛΟΝΔΙΝΟΝ, 10. (Ρώϋτερ). — Ὁ φορητὸς ῥαδιόφωνος «τρανζίστορ» ἀναστατώνει τὰς ἐπικοινωνίας τῶν ἀεροπλάνων.

ΟΙ ΡΩΣΣΟΙ ΘΑ ΙΔΡΥΣΟΥΝ ΝΑΥΠΗΓΕΙΑ ΕΙΣ ΤΟ ΜΑΡΟΚΟΝ

ΡΑΜΠΑΤ, 10. (Ἀσ. Πρές.). — Σοβιετικοὶ τεχνικοὶ θὰ ἱδρύσουν ναυπηγεῖα εἰς τὸ Μαρόκον.

Η ΑΠΟΣΤΟΛΗ ΑΝΘΡΩΠΟΥ ΕΙΣ ΤΟ ΔΙΑΣΤΗΜΑ
ΔΕΝ ΕΙΝΑΙ ΖΗΤΗΜΑ ΑΚΟΜΗ ΟΛΙΓΩΝ ΗΜΕΡΩΝ

ΟΥΑΣΙΓΚΤΩΝ, 10. (Ἀσ. Πρές.). — Οἱ Ἀμερικανοὶ ἐπιστήμονες δηλοῦν ὅτι ἡ ἀποστολὴ ἀνθρώπου εἰς τὸ διάστημα δὲν εἶναι ζήτημα ὀλίγων ἡμερῶν.

ΟΥΑΣΙΓΚΤΩΝ, 10. (Ἀσ. Πρές.). — Οἱ Ἀμερικανοὶ ἐπιστήμονες δηλοῦν ὅτι ἡ ἀποστολὴ ἀνθρώπου εἰς τὸ διάστημα δὲν εἶναι ζήτημα ὀλίγων ἡμερῶν.

ΘΑ ΒΡΑΔΥΝΗ ΑΚΟΜΗ

ΜΟΣΧΑ, 10. (Ἀσ. Πρές.). — Ἡ ἐκτόξευσις θὰ βραδύνῃ ἀκόμη.

ΜΟΣΧΑ, 10. (Ἀσ. Πρές.). — Ἡ ἐκτόξευσις θὰ βραδύνῃ ἀκόμη.

ΟΥΑΣΙΓΚΤΩΝ, 10. (Ἀσ. Πρές.). — Οἱ Ἀμερικανοὶ ἐπιστήμονες δηλοῦν ὅτι ἡ ἀποστολὴ ἀνθρώπου εἰς τὸ διάστημα δὲν εἶναι ζήτημα ὀλίγων ἡμερῶν.

Ο κ. ΧΙΟΥΜ ΕΚΑΛΕΣΕΝ ΕΙΣ ΣΥΝΟΜΙΛΙΑΝ ΤΟΝ ΡΩΣΣΟΝ ΠΡΕΣΒΕΥΤΗΝ

ΛΟΝΔΙΝΟΝ, 10. (Ἀσ. Πρές.). — Ὁ ὑπουργὸς τῶν Ἐξωτερικῶν ἐκάλεσεν εἰς συνομιλίαν τὸν Ῥῶσσον πρεσβευτήν.

Η ΙΑΠΩΝΙΑ ΠΑΡΑΓΕΙ ΜΗΧΑΝΗΜΑΤΑ ΑΝΙΧΝΕΥΣΕΩΣ ΨΕΥΔΟΥΣ

ΤΟΚΙΟ, 10. (Ἀσσ. Πρές.). — Ἰαπωνικὴ ἑταιρεία κατασκευάζει μηχανήματα ἀνιχνεύσεως ψεύδους.

ΤΟΚΙΟ, 10. (Ἀσσ. Πρές.). — Ἰαπωνικὴ ἑταιρεία κατασκευάζει μηχανήματα ἀνιχνεύσεως ψεύδους.

ΜΟΣΧΑ, 10. (Ἀσ. Πρές.). — Ἡ ἐκτόξευσις θὰ βραδύνῃ ἀκόμη.

ΟΙ ΕΘΝΙΚΙΣΤΑΙ ΚΙΝΕΖΟΙ ΘΑ ΠΕΡΙΟΡΙΣΘΟΥΝ ΕΙΣ ΤΗΝ ΕΚΠΡΟΣΩΠΗΣΙΝ ΜΟΝΟΝ ΤΗΣ ΦΟΡΜΟΖΑΣ

ΑΜΕΡΣΤ, Μασσαχουσέτη, 10. — Ὁ Ἀμερικανὸς διπλωμάτης ἐδήλωσεν ὅτι οἱ ἐθνικισταὶ Κινέζοι θὰ περιορισθοῦν εἰς τὴν Φορμόζαν.

ΑΜΕΡΣΤ, Μασσαχουσέτη, 10. — Ὁ Ἀμερικανὸς διπλωμάτης ἐδήλωσεν ὅτι οἱ ἐθνικισταὶ Κινέζοι θὰ περιορισθοῦν εἰς τὴν Φορμόζαν.

ΑΜΕΡΣΤ, Μασσαχουσέτη, 10. — Ὁ Ἀμερικανὸς διπλωμάτης ἐδήλωσεν ὅτι οἱ ἐθνικισταὶ Κινέζοι θὰ περιορισθοῦν εἰς τὴν Φορμόζαν.

ΝΕΑ ΔΙΑΜΑΡΤΥΡΙΑ ΤΩΝ ΔΗΜΑΡΧΩΝ ΣΕΡΡΩΝ ΠΡΟΣ ΤΟΝ ΣΤΡΑΤΗΓΟΝ κ. ΔΗΜΟΠΟΥΛΟΝ

ΣΕΡΡΑΙ, 10. — Οἱ δήμαρχοι τῆς περιοχῆς ὑπέβαλον νέαν διαμαρτυρίαν πρὸς τὸν στρατηγὸν κ. Δημόπουλον.

ΣΕΡΡΑΙ, 10. — Οἱ δήμαρχοι τῆς περιοχῆς ὑπέβαλον νέαν διαμαρτυρίαν πρὸς τὸν στρατηγὸν κ. Δημόπουλον.

ΣΕΡΡΑΙ, 10. — Οἱ δήμαρχοι τῆς περιοχῆς ὑπέβαλον νέαν διαμαρτυρίαν πρὸς τὸν στρατηγὸν κ. Δημόπουλον.

Η ΒΙΒΙΑΝ ΑΝ ΕΚΑΜΕ ΠΑΛΙΝ ΤΗΝ ΕΜΦΑΝΙΣΙΝ ΤΗΣ

ΑΤΛΑΝΤΑ, Γεωργία, 10. — Ἡ ἠθοποιὸς Βίβιαν Λῆ ἐνεφανίσθη καὶ πάλιν ἐνώπιον τοῦ κοινοῦ.

ΑΤΛΑΝΤΑ, Γεωργία, 10. — Ἡ ἠθοποιὸς Βίβιαν Λῆ ἐνεφανίσθη καὶ πάλιν ἐνώπιον τοῦ κοινοῦ.

ΑΤΛΑΝΤΑ, Γεωργία, 10. — Ἡ ἠθοποιὸς Βίβιαν Λῆ ἐνεφανίσθη καὶ πάλιν ἐνώπιον τοῦ κοινοῦ.

Η ΕΛΙΣΑΒΕΤ ΣΥΝΑΝΤΑ ΠΡΟΣ ΤΟΥΣ ΕΚΠΡΟΣΩΠΟΥΣ ΤΗΣ ΚΟΙΝΟΠΟΛΙΤΕΙΑΣ

ΛΟΝΔΙΝΟΝ, 10. (Ρώϋτερ). — Ἡ βασίλισσα Ἐλισάβετ παρέθεσε γεῦμα πρὸς τιμὴν τῶν πρωθυπουργῶν τῆς Κοινοπολιτείας.

ΛΟΝΔΙΝΟΝ, 10. (Ρώϋτερ). — Ἡ βασίλισσα Ἐλισάβετ παρέθεσε γεῦμα πρὸς τιμὴν τῶν πρωθυπουργῶν τῆς Κοινοπολιτείας.

ΛΟΝΔΙΝΟΝ, 10. (Ρώϋτερ). — Ἡ βασίλισσα Ἐλισάβετ παρέθεσε γεῦμα πρὸς τιμὴν τῶν πρωθυπουργῶν τῆς Κοινοπολιτείας.

Η ΜΕΤΑΝΑΣΤΕΥΣΙΣ ΤΩΝ ΕΛΛΗΝΩΝ ΕΙΣ ΑΥΣΤΡΑΛΙΑΝ

ΜΕΛΒΟΥΡΝΗ, 10. (Ρώϋτερ). — Ἡ μετανάστευσις Ἑλλήνων εἰς Αὐστραλίαν συνεχίζεται κανονικῶς.

ΣΧΕΣΕΙΣ ΜΕ ΤΩΝ ΠΟΛΙΤΙΚΩΝ

ΜΕΛΒΟΥΡΝΗ, 10. (Ρώϋτερ). — Ἡ μετανάστευσις Ἑλλήνων εἰς Αὐστραλίαν συνεχίζεται κανονικῶς.

ΣΧΕΣΕΙΣ ΜΕ ΤΑΣ ΗΝΩΜΕΝΑΣ ΠΟΛ.

ΜΕΛΒΟΥΡΝΗ, 10. (Ρώϋτερ). — Ἡ μετανάστευσις Ἑλλήνων εἰς Αὐστραλίαν συνεχίζεται κανονικῶς.

ΕΡΓΟΝ ΤΟΥ ΜΙΛΛΕΡ ΕΥΡΙΣΚΕΙ ΕΝ ΧΟΡΩ ΤΗΝ ΑΔΕΙΑΝ ΤΟΥ

ΝΕΑ ΥΟΡΚΗ, 10. (Ρώϋτερ). — Τὸ θεατρικὸν ἔργον τοῦ Ἄρθουρ Μίλλερ εὑρίσκει ἐπιτυχίαν.

ΝΕΑ ΥΟΡΚΗ, 10. (Ρώϋτερ). — Τὸ θεατρικὸν ἔργον τοῦ Ἄρθουρ Μίλλερ εὑρίσκει ἐπιτυχίαν.

ΕΥΡΩΠΑΪΚΗ ΕΝΟΠΟΙΗΣΙΣ

ΝΕΑ ΥΟΡΚΗ, 10. (Ρώϋτερ). — Τὸ θεατρικὸν ἔργον τοῦ Ἄρθουρ Μίλλερ εὑρίσκει ἐπιτυχίαν.

ΑΝΤΑΛΛΑΚΤΙΚΟΝ ΕΠΕΝΘΗΘΗ ΕΙΣ ΤΗΝ ΚΑΡΔΙΑΝ

ΝΕΑ ΥΟΡΚΗ, 10. (Ἀσ. Πρές.). — Χειρουργοὶ ἐπένθησαν ἀνταλλακτικὸν εἰς τὴν καρδίαν ἀσθενοῦς.

ΝΕΑ ΥΟΡΚΗ, 10. (Ἀσ. Πρές.). — Χειρουργοὶ ἐπένθησαν ἀνταλλακτικὸν εἰς τὴν καρδίαν ἀσθενοῦς.

Η ΚΑΠΝΑΓΟΡΑ ΕΙΣ ΤΗΝ ΔΡΑΜΑΝ

ΔΡΑΜΑ, 10. — Ἡ καπναγορὰ ἐξακολουθεῖ μὲ ἱκανοποιητικὰς τιμάς.

ΝΕΑ ΕΚΠΝΕΥΣΙΣ

ΔΡΑΜΑ, 10. — Ἡ καπναγορὰ ἐξακολουθεῖ μὲ ἱκανοποιητικὰς τιμάς.

ΕΒΙΑΣΕ ΚΑΙ ΕΦΟΝΕΥΣΕ ΝΕΑΡΑΝ ΑΥΣΤΡΙΑΚΗΝ

ΒΙΕΝΝΗ, 10. (Ἀσ. Πρές.). — Ἄγνωστος ἐβίασε καὶ ἐφόνευσε νεαρὰν Αὐστριακήν.

ΒΙΕΝΝΗ, 10. (Ἀσ. Πρές.). — Ἄγνωστος ἐβίασε καὶ ἐφόνευσε νεαρὰν Αὐστριακήν.

Ο κ. ΧΑΡΡΙΜΑΝ ΕΚΑΜΕΝ ΕΙΣ ΤΗΝ ΡΩΜΗΝ

ΡΩΜΗ, 10. (Ἀσ. Πρές.). — Ὁ κ. Χάρριμαν ἔφθασεν εἰς τὴν Ῥώμην.
